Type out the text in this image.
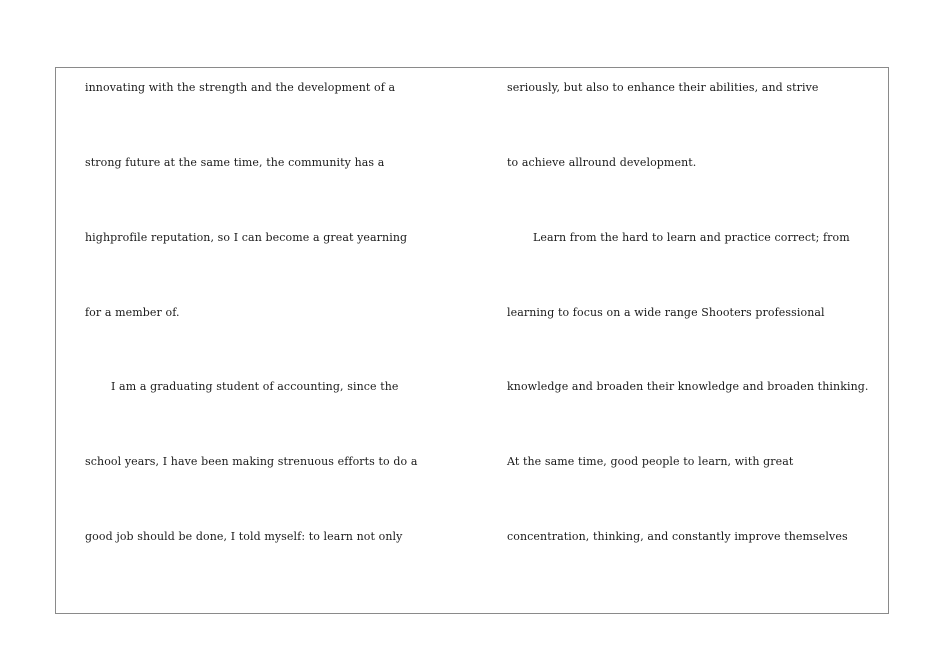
innovating with the strength and the development of a
strong future at the same time, the community has a
highprofile reputation, so I can become a great yearning
for a member of.
I am a graduating student of accounting, since the
school years, I have been making strenuous efforts to do a
good job should be done, I told myself: to learn not only
seriously, but also to enhance their abilities, and strive
to achieve allround development.
Learn from the hard to learn and practice correct; from
learning to focus on a wide range Shooters professional
knowledge and broaden their knowledge and broaden thinking.
At the same time, good people to learn, with great
concentration, thinking, and constantly improve themselves
